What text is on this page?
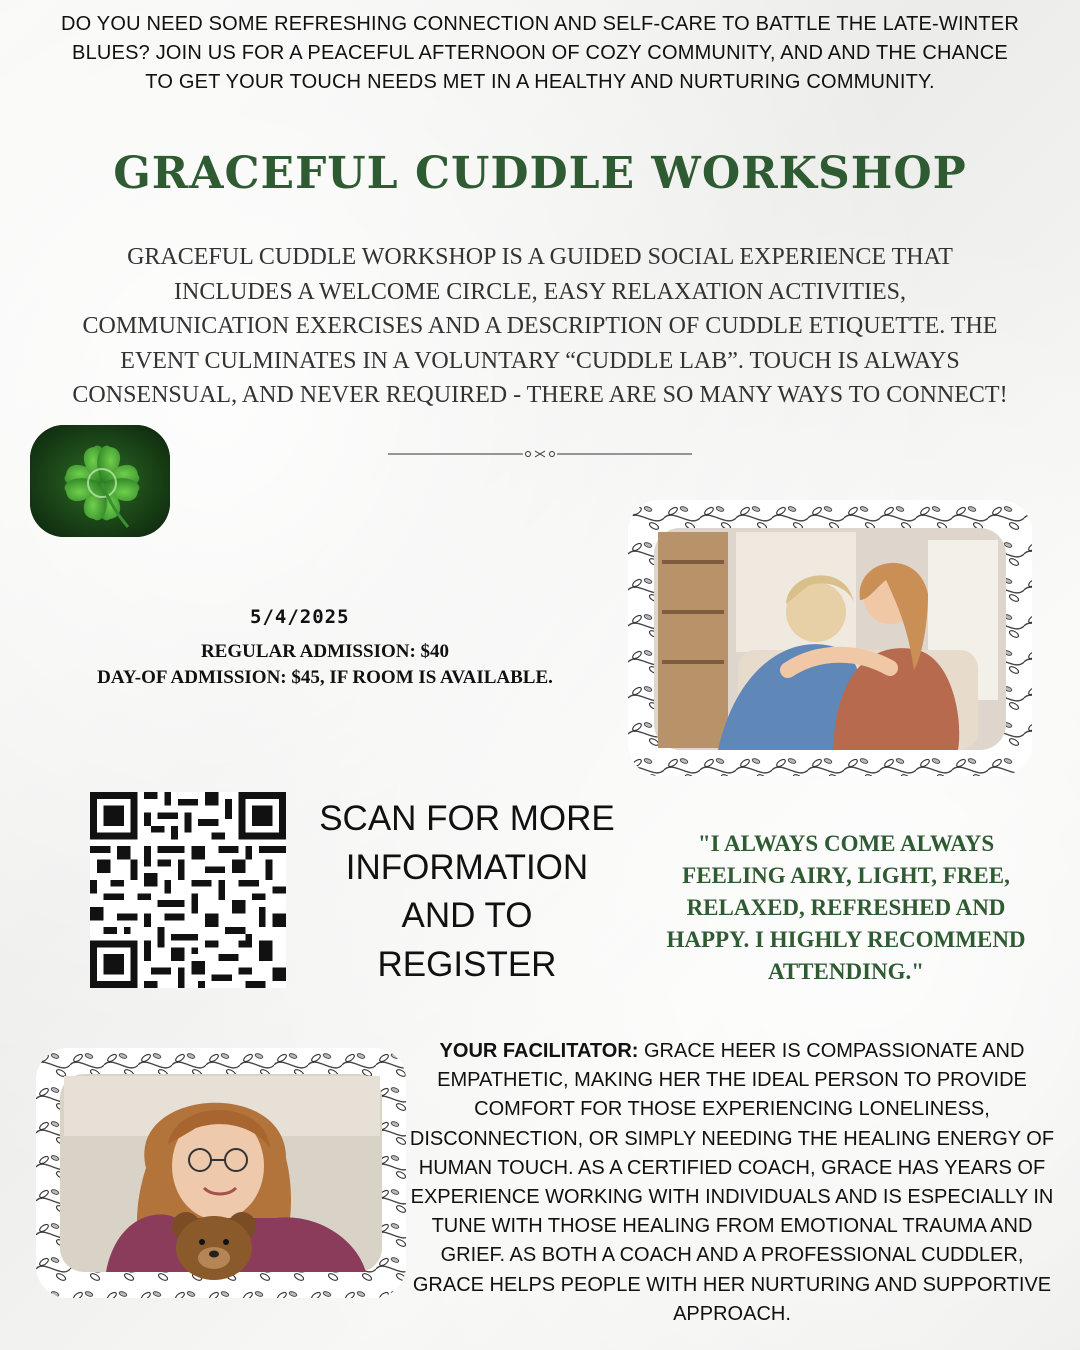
DO YOU NEED SOME REFRESHING CONNECTION AND SELF-CARE TO BATTLE THE LATE-WINTER BLUES? JOIN US FOR A PEACEFUL AFTERNOON OF COZY COMMUNITY, AND AND THE CHANCE TO GET YOUR TOUCH NEEDS MET IN A HEALTHY AND NURTURING COMMUNITY.
GRACEFUL CUDDLE WORKSHOP
GRACEFUL CUDDLE WORKSHOP IS A GUIDED SOCIAL EXPERIENCE THAT INCLUDES A WELCOME CIRCLE, EASY RELAXATION ACTIVITIES, COMMUNICATION EXERCISES AND A DESCRIPTION OF CUDDLE ETIQUETTE. THE EVENT CULMINATES IN A VOLUNTARY “CUDDLE LAB”. TOUCH IS ALWAYS CONSENSUAL, AND NEVER REQUIRED - THERE ARE SO MANY WAYS TO CONNECT!
5/4/2025
REGULAR ADMISSION: $40
DAY-OF ADMISSION: $45, IF ROOM IS AVAILABLE.
SCAN FOR MORE INFORMATION AND TO REGISTER
"I ALWAYS COME ALWAYS FEELING AIRY, LIGHT, FREE, RELAXED, REFRESHED AND HAPPY. I HIGHLY RECOMMEND ATTENDING."
YOUR FACILITATOR: GRACE HEER IS COMPASSIONATE AND EMPATHETIC, MAKING HER THE IDEAL PERSON TO PROVIDE COMFORT FOR THOSE EXPERIENCING LONELINESS, DISCONNECTION, OR SIMPLY NEEDING THE HEALING ENERGY OF HUMAN TOUCH. AS A CERTIFIED COACH, GRACE HAS YEARS OF EXPERIENCE WORKING WITH INDIVIDUALS AND IS ESPECIALLY IN TUNE WITH THOSE HEALING FROM EMOTIONAL TRAUMA AND GRIEF. AS BOTH A COACH AND A PROFESSIONAL CUDDLER, GRACE HELPS PEOPLE WITH HER NURTURING AND SUPPORTIVE APPROACH.
